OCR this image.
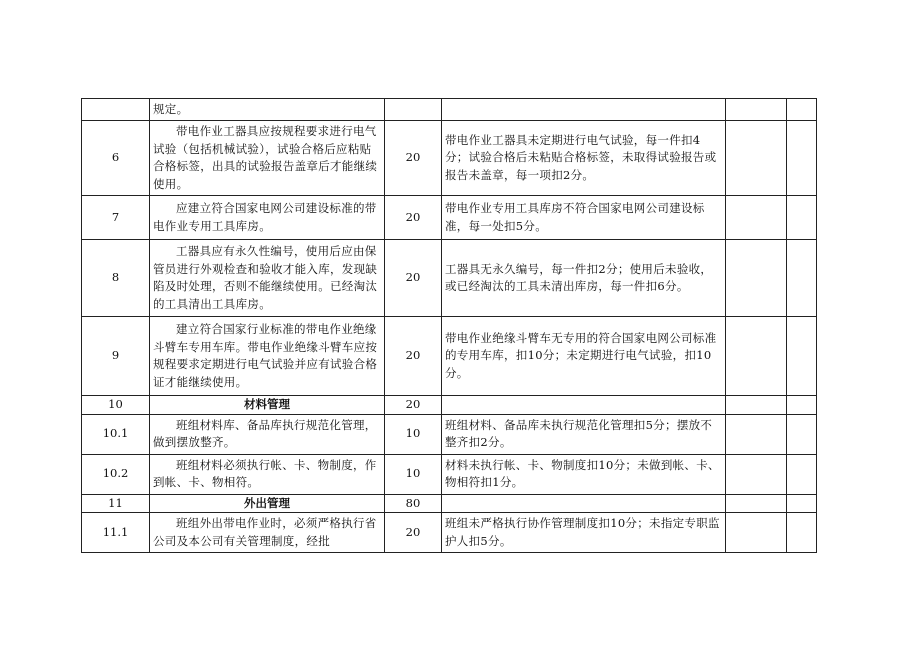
	规定。				
6	带电作业工器具应按规程要求进行电气试验（包括机械试验），试验合格后应粘贴合格标签，出具的试验报告盖章后才能继续使用。	20	带电作业工器具未定期进行电气试验，每一件扣4分；试验合格后未粘贴合格标签，未取得试验报告或报告未盖章，每一项扣2分。		
7	应建立符合国家电网公司建设标准的带电作业专用工具库房。	20	带电作业专用工具库房不符合国家电网公司建设标准，每一处扣5分。		
8	工器具应有永久性编号，使用后应由保管员进行外观检查和验收才能入库，发现缺陷及时处理，否则不能继续使用。已经淘汰的工具清出工具库房。	20	工器具无永久编号，每一件扣2分；使用后未验收，或已经淘汰的工具未清出库房，每一件扣6分。		
9	建立符合国家行业标准的带电作业绝缘斗臂车专用车库。带电作业绝缘斗臂车应按规程要求定期进行电气试验并应有试验合格证才能继续使用。	20	带电作业绝缘斗臂车无专用的符合国家电网公司标准的专用车库，扣10分；未定期进行电气试验，扣10分。		
10	材料管理	20			
10.1	班组材料库、备品库执行规范化管理，做到摆放整齐。	10	班组材料、备品库未执行规范化管理扣5分；摆放不整齐扣2分。		
10.2	班组材料必须执行帐、卡、物制度，作到帐、卡、物相符。	10	材料未执行帐、卡、物制度扣10分；未做到帐、卡、物相符扣1分。		
11	外出管理	80			
11.1	班组外出带电作业时，必须严格执行省公司及本公司有关管理制度，经批	20	班组未严格执行协作管理制度扣10分；未指定专职监护人扣5分。		
